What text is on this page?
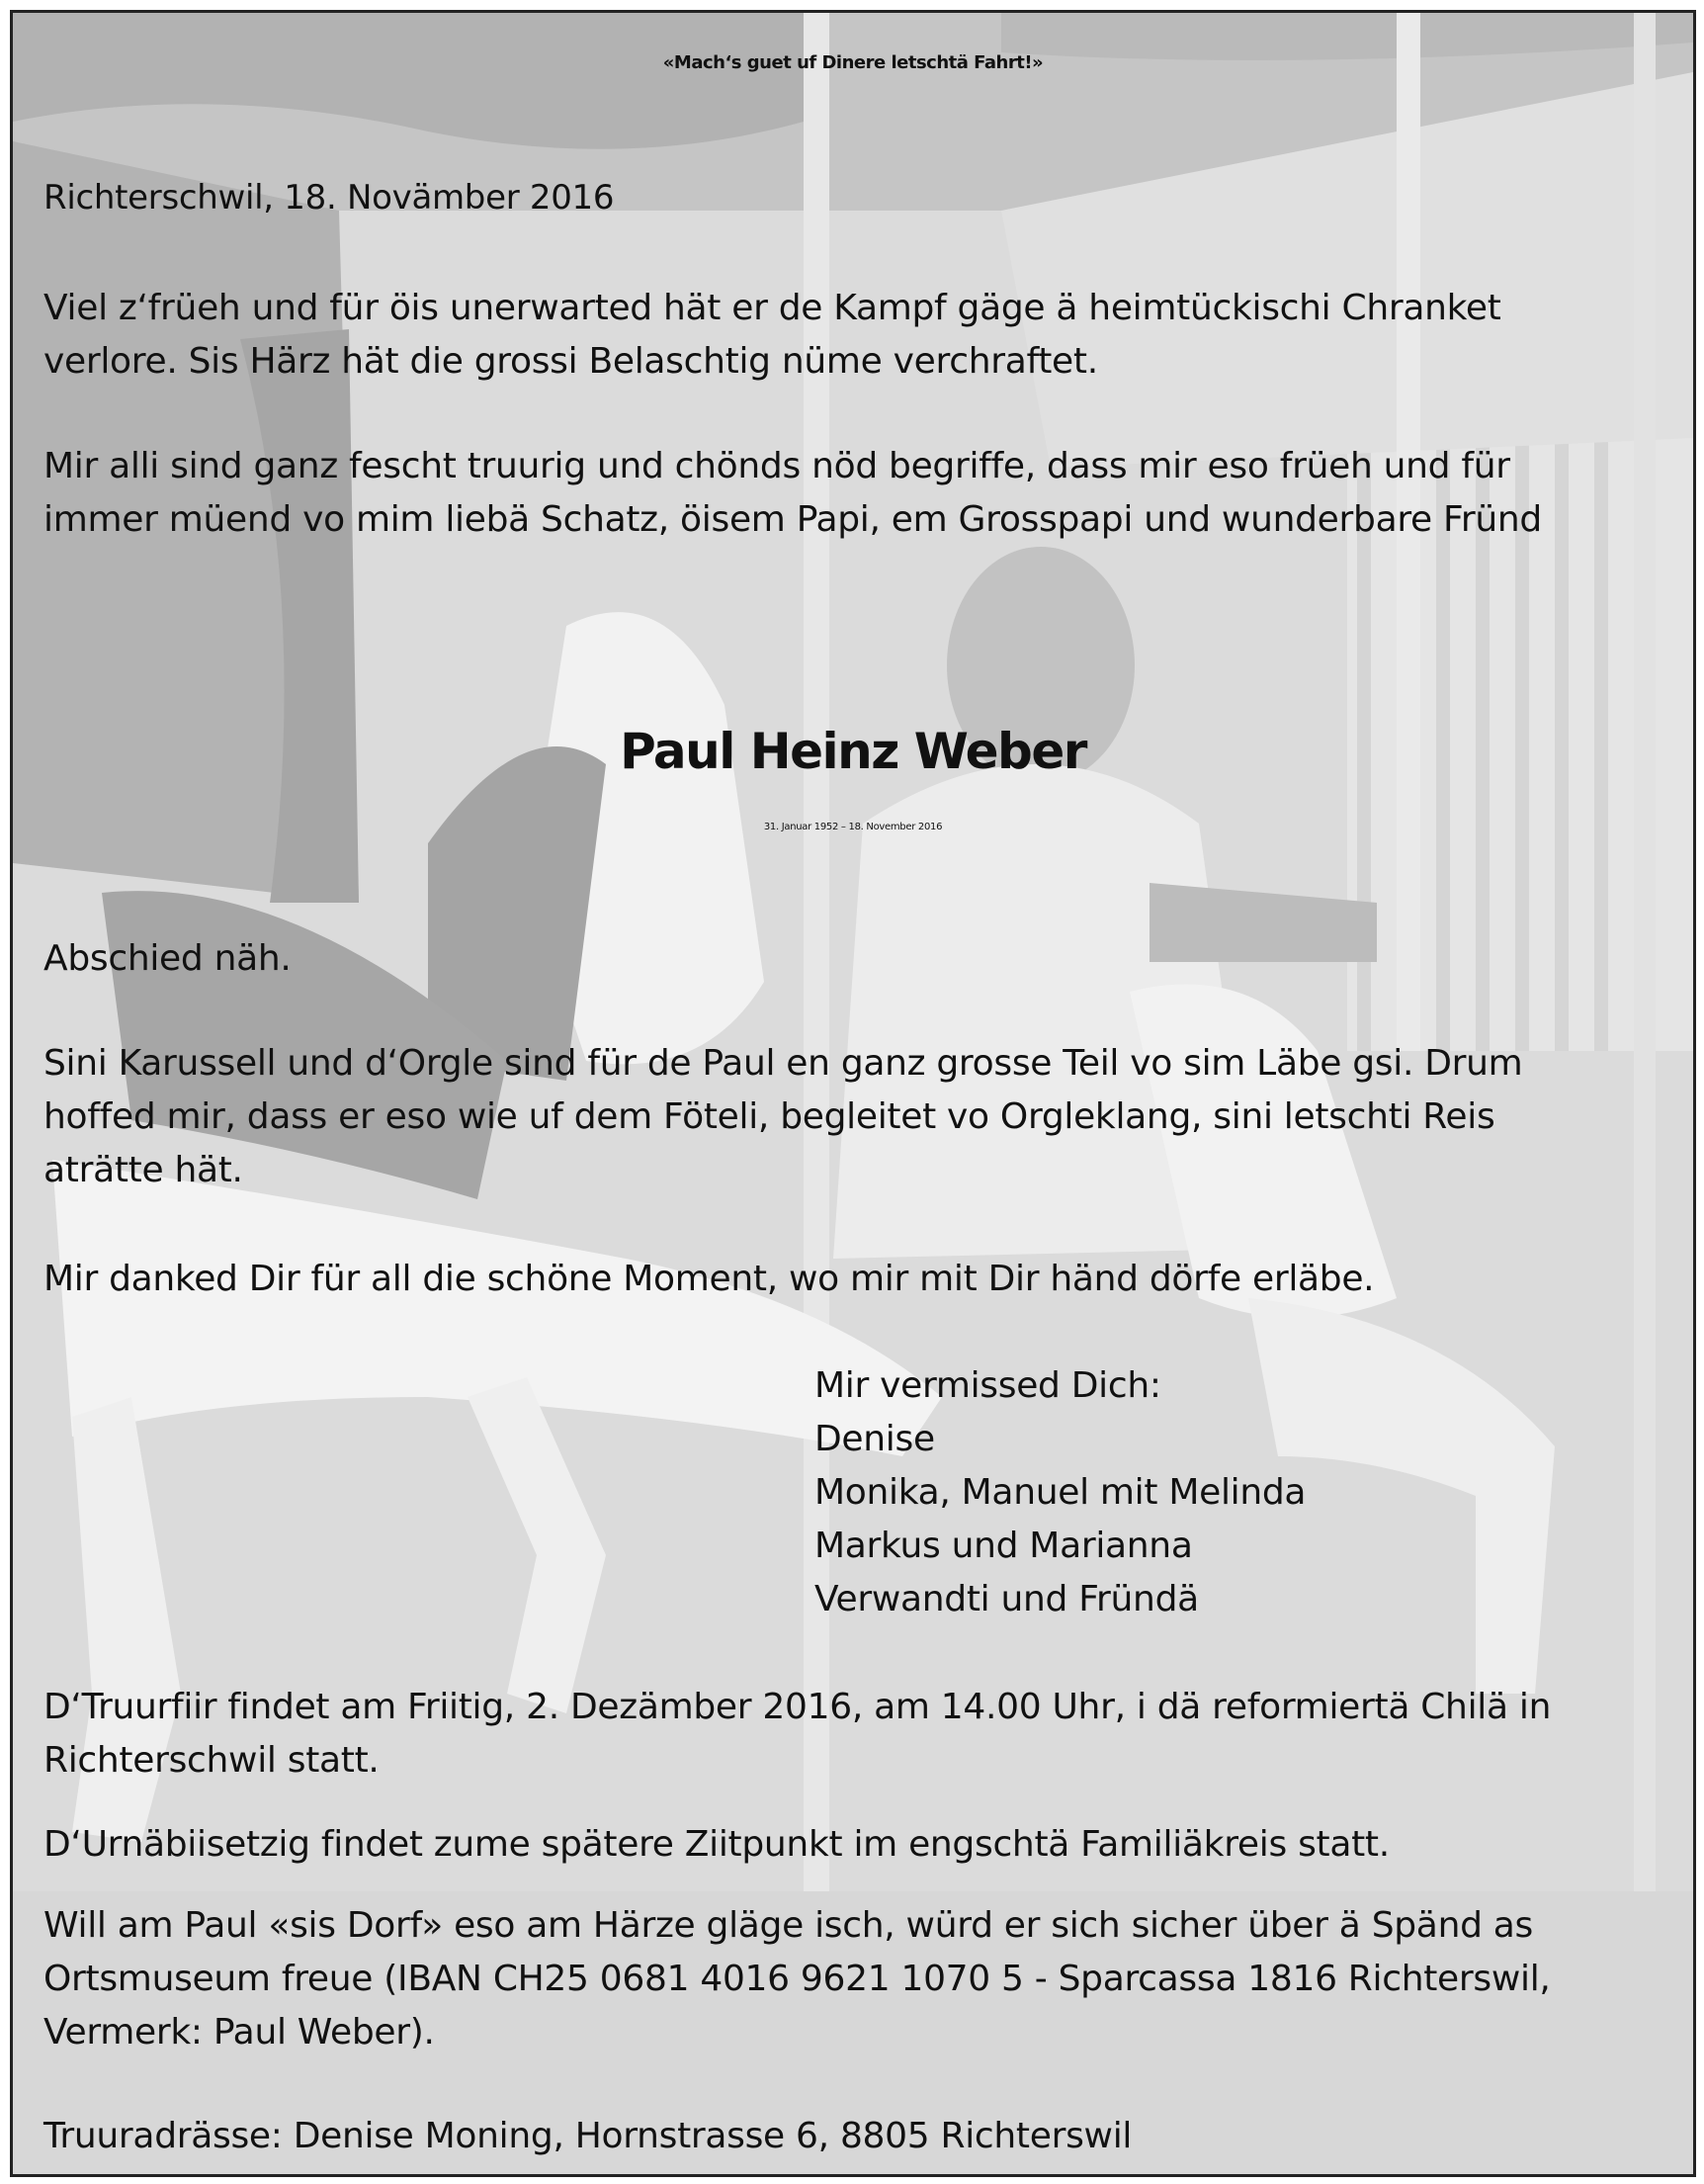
«Mach‘s guet uf Dinere letschtä Fahrt!»

Richterschwil, 18. Novämber 2016

Viel z‘früeh und für öis unerwarted hät er de Kampf gäge ä heimtückischi Chranket

verlore. Sis Härz hät die grossi Belaschtig nüme verchraftet.

Mir alli sind ganz fescht truurig und chönds nöd begriffe, dass mir eso früeh und für

immer müend vo mim liebä Schatz, öisem Papi, em Grosspapi und wunderbare Fründ

Paul Heinz Weber

31. Januar 1952 – 18. November 2016

Abschied näh.

Sini Karussell und d‘Orgle sind für de Paul en ganz grosse Teil vo sim Läbe gsi. Drum

hoffed mir, dass er eso wie uf dem Föteli, begleitet vo Orgleklang, sini letschti Reis

aträtte hät.

Mir danked Dir für all die schöne Moment, wo mir mit Dir händ dörfe erläbe.

Mir vermissed Dich:

Denise

Monika, Manuel mit Melinda

Markus und Marianna

Verwandti und Fründä

D‘Truurfiir findet am Friitig, 2. Dezämber 2016, am 14.00 Uhr, i dä reformiertä Chilä in

Richterschwil statt.

D‘Urnäbiisetzig findet zume spätere Ziitpunkt im engschtä Familiäkreis statt.

Will am Paul «sis Dorf» eso am Härze gläge isch, würd er sich sicher über ä Spänd as

Ortsmuseum freue (IBAN CH25 0681 4016 9621 1070 5 - Sparcassa 1816 Richterswil,

Vermerk: Paul Weber).

Truuradrässe: Denise Moning, Hornstrasse 6, 8805 Richterswil
